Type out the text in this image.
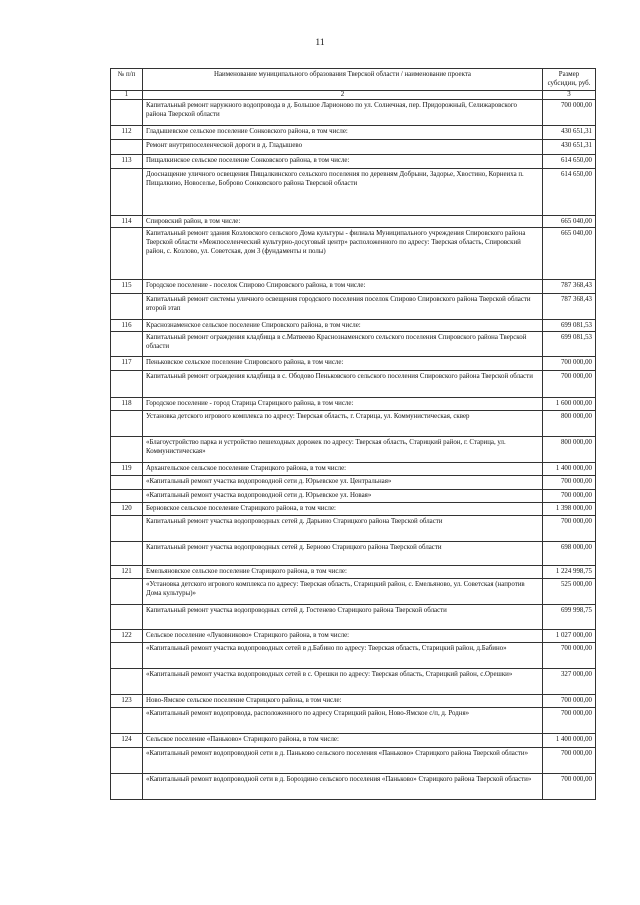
11
№ п/п	Наименование муниципального образования Тверской области / наименование проекта	Размер субсидии, руб.
1	2	3
	Капитальный ремонт наружного водопровода в д. Большое Ларионово по ул. Солнечная, пер. Придорожный, Селижаровского района Тверской области	700 000,00
112	Гладышевское сельское поселение Сонковского района, в том числе:	430 651,31
	Ремонт внутрипоселенческой дороги в д. Гладышево	430 651,31
113	Пищалкинское сельское поселение Сонковского района, в том числе:	614 650,00
	Дооснащение уличного освещения Пищалкинского сельского поселения по деревням Добрыни, Задорье, Хвостино, Корнеиха п. Пищалкино, Новоселье, Боброво Сонковского района Тверской области	614 650,00
114	Спировский район, в том числе:	665 040,00
	Капитальный ремонт здания Козловского сельского Дома культуры - филиала Муниципального учреждения Спировского района Тверской области «Межпоселенческий культурно-досуговый центр» расположенного по адресу: Тверская область, Спировский район, с. Козлово, ул. Советская, дом 3 (фундаменты и полы)	665 040,00
115	Городское поселение - поселок Спирово Спировского района, в том числе:	787 368,43
	Капитальный ремонт системы уличного освещения городского поселения поселок Спирово Спировского района Тверской области второй этап	787 368,43
116	Краснознаменское сельское поселение Спировского района, в том числе:	699 081,53
	Капитальный ремонт ограждения кладбища в с.Матвеево Краснознаменского сельского поселения Спировского района Тверской области	699 081,53
117	Пеньковское сельское поселение Спировского района, в том числе:	700 000,00
	Капитальный ремонт ограждения кладбища в с. Ободово Пеньковского сельского поселения Спировского района Тверской области	700 000,00
118	Городское поселение - город Старица Старицкого района, в том числе:	1 600 000,00
	Установка детского игрового комплекса по адресу: Тверская область, г. Старица, ул. Коммунистическая, сквер	800 000,00
	«Благоустройство парка и устройство пешеходных дорожек по адресу: Тверская область, Старицкий район, г. Старица, ул. Коммунистическая»	800 000,00
119	Архангельское сельское поселение Старицкого района, в том числе:	1 400 000,00
	«Капитальный ремонт участка водопроводной сети д. Юрьевское ул. Центральная»	700 000,00
	«Капитальный ремонт участка водопроводной сети д. Юрьевское ул. Новая»	700 000,00
120	Берновское сельское поселение Старицкого района, в том числе:	1 398 000,00
	Капитальный ремонт участка водопроводных сетей д. Дарьино Старицкого района Тверской области	700 000,00
	Капитальный ремонт участка водопроводных сетей д. Берново Старицкого района Тверской области	698 000,00
121	Емельяновское сельское поселение Старицкого района, в том числе:	1 224 998,75
	«Установка детского игрового комплекса по адресу: Тверская область, Старицкий район, с. Емельяново, ул. Советская (напротив Дома культуры)»	525 000,00
	Капитальный ремонт участка водопроводных сетей д. Гостенево Старицкого района Тверской области	699 998,75
122	Сельское поселение «Луковниково» Старицкого района, в том числе:	1 027 000,00
	«Капитальный ремонт участка водопроводных сетей в д.Бабино по адресу: Тверская область, Старицкий район, д.Бабино»	700 000,00
	«Капитальный ремонт участка водопроводных сетей в с. Орешки по адресу: Тверская область, Старицкий район, с.Орешки»	327 000,00
123	Ново-Ямское сельское поселение Старицкого района, в том числе:	700 000,00
	«Капитальный ремонт водопровода, расположенного по адресу Старицкий район, Ново-Ямское с/п, д. Родня»	700 000,00
124	Сельское поселение «Паньково» Старицкого района, в том числе:	1 400 000,00
	«Капитальный ремонт водопроводной сети в д. Паньково сельского поселения «Паньково» Старицкого района Тверской области»	700 000,00
	«Капитальный ремонт водопроводной сети в д. Бороздино сельского поселения «Паньково» Старицкого района Тверской области»	700 000,00
